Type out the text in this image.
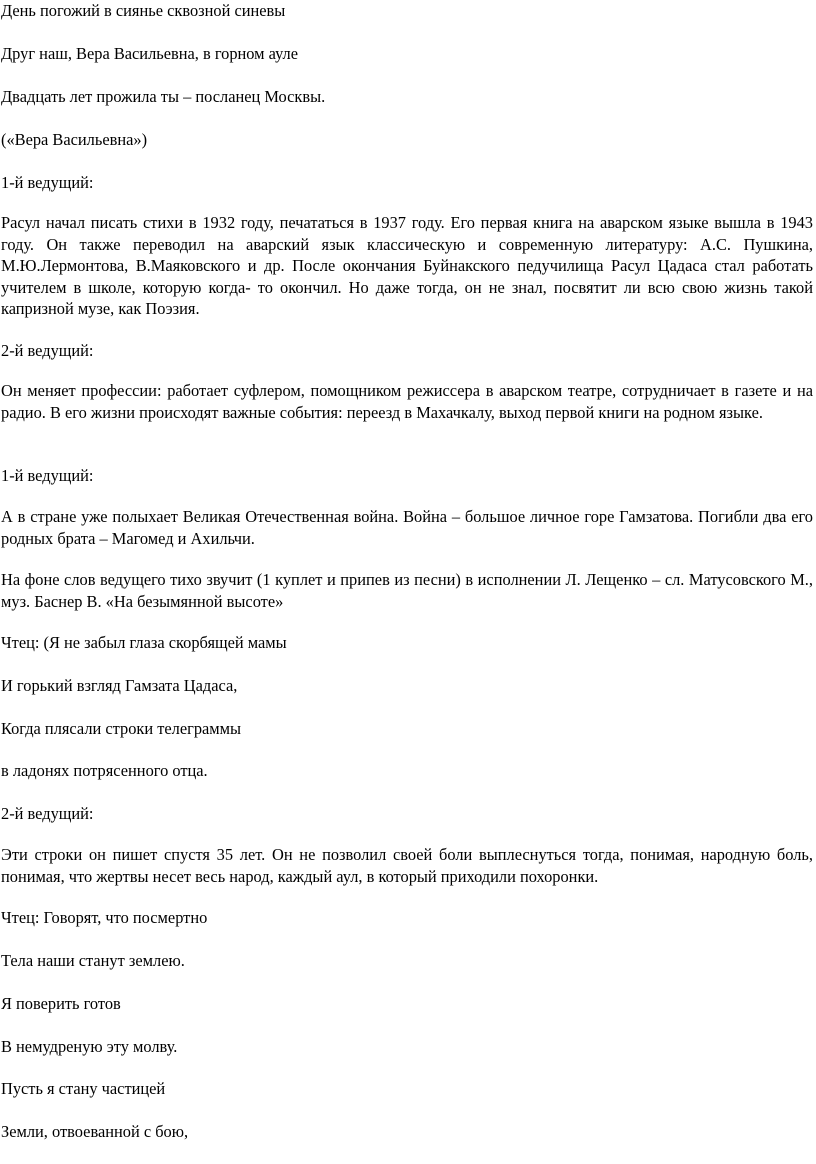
День погожий в сиянье сквозной синевы

Друг наш, Вера Васильевна, в горном ауле

Двадцать лет прожила ты – посланец Москвы.

(«Вера Васильевна»)

1-й ведущий:

Расул начал писать стихи в 1932 году, печататься в 1937 году. Его первая книга на аварском языке вышла в 1943 году. Он также переводил на аварский язык классическую и современную литературу: А.С. Пушкина, М.Ю.Лермонтова, В.Маяковского и др. После окончания Буйнакского педучилища Расул Цадаса стал работать учителем в школе, которую когда- то окончил. Но даже тогда, он не знал, посвятит ли всю свою жизнь такой капризной музе, как Поэзия.

2-й ведущий:

Он меняет профессии: работает суфлером, помощником режиссера в аварском театре, сотрудничает в газете и на радио. В его жизни происходят важные события: переезд в Махачкалу, выход первой книги на родном языке.

1-й ведущий:

А в стране уже полыхает Великая Отечественная война. Война – большое личное горе Гамзатова. Погибли два его родных брата – Магомед и Ахильчи.

На фоне слов ведущего тихо звучит (1 куплет и припев из песни) в исполнении Л. Лещенко – сл. Матусовского М., муз. Баснер В. «На безымянной высоте»

Чтец: (Я не забыл глаза скорбящей мамы

И горький взгляд Гамзата Цадаса,

Когда плясали строки телеграммы

в ладонях потрясенного отца.

2-й ведущий:

Эти строки он пишет спустя 35 лет. Он не позволил своей боли выплеснуться тогда, понимая, народную боль, понимая, что жертвы несет весь народ, каждый аул, в который приходили похоронки.

Чтец: Говорят, что посмертно

Тела наши станут землею.

Я поверить готов

В немудреную эту молву.

Пусть я стану частицей

Земли, отвоеванной с бою,
